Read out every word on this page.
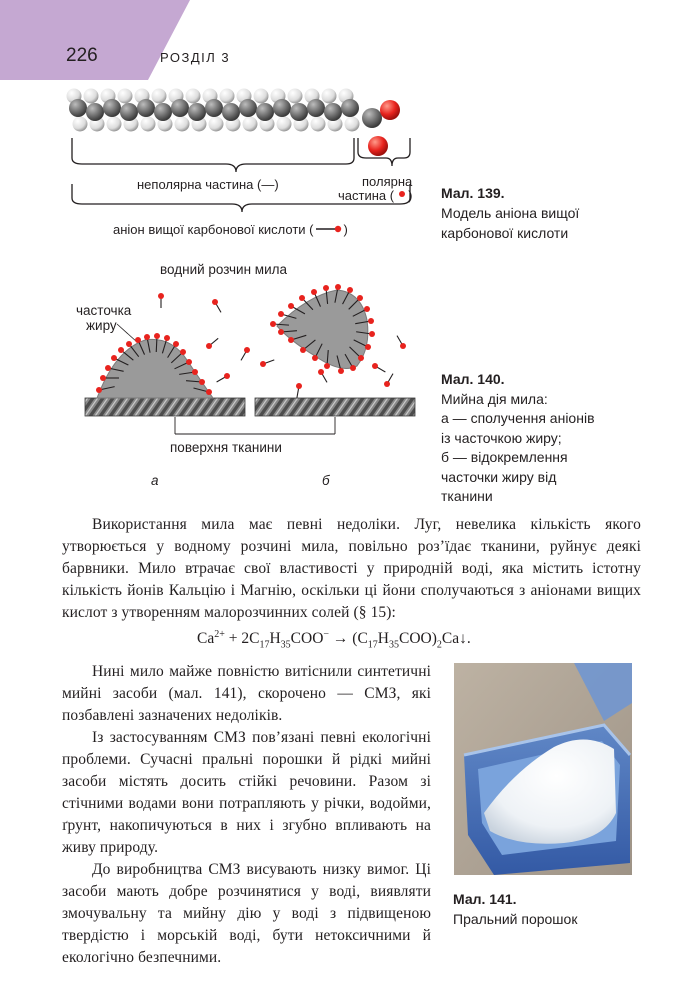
226	РОЗДІЛ 3
неполярна частина (—)	полярна
частина ( )
аніон вищої карбонової кислоти ( )
Мал. 139.
Модель аніона вищої
карбонової кислоти
водний розчин мила
часточка
жиру
поверхня тканини
а	б
Мал. 140.
Мийна дія мила:
а — сполучення аніонів
із часточкою жиру;
б — відокремлення
часточки жиру від
тканини

Використання мила має певні недоліки. Луг, невелика кількість якого утворюється у водному розчині мила, повільно роз’їдає тканини, руйнує деякі барвники. Мило втрачає свої властивості у природній воді, яка містить істотну кількість йонів Кальцію і Магнію, оскільки ці йони сполучаються з аніонами вищих кислот з утворенням малорозчинних солей (§ 15):

$Ca^{2+} + 2C_{17}H_{35}COO^-$ → $(C_{17}H_{35}COO)_2Ca↓$.

Нині мило майже повністю витіснили синтетичні мийні засоби (мал. 141), скорочено — СМЗ, які позбавлені зазначених недоліків.

Із застосуванням СМЗ пов’язані певні екологічні проблеми. Сучасні пральні порошки й рідкі мийні засоби містять досить стійкі речовини. Разом зі стічними водами вони потрапляють у річки, водойми, ґрунт, накопичуються в них і згубно впливають на живу природу.

До виробництва СМЗ висувають низку вимог. Ці засоби мають добре розчинятися у воді, виявляти змочувальну та мийну дію у воді з підвищеною твердістю і морській воді, бути нетоксичними й екологічно безпечними.

Мал. 141.
Пральний порошок
